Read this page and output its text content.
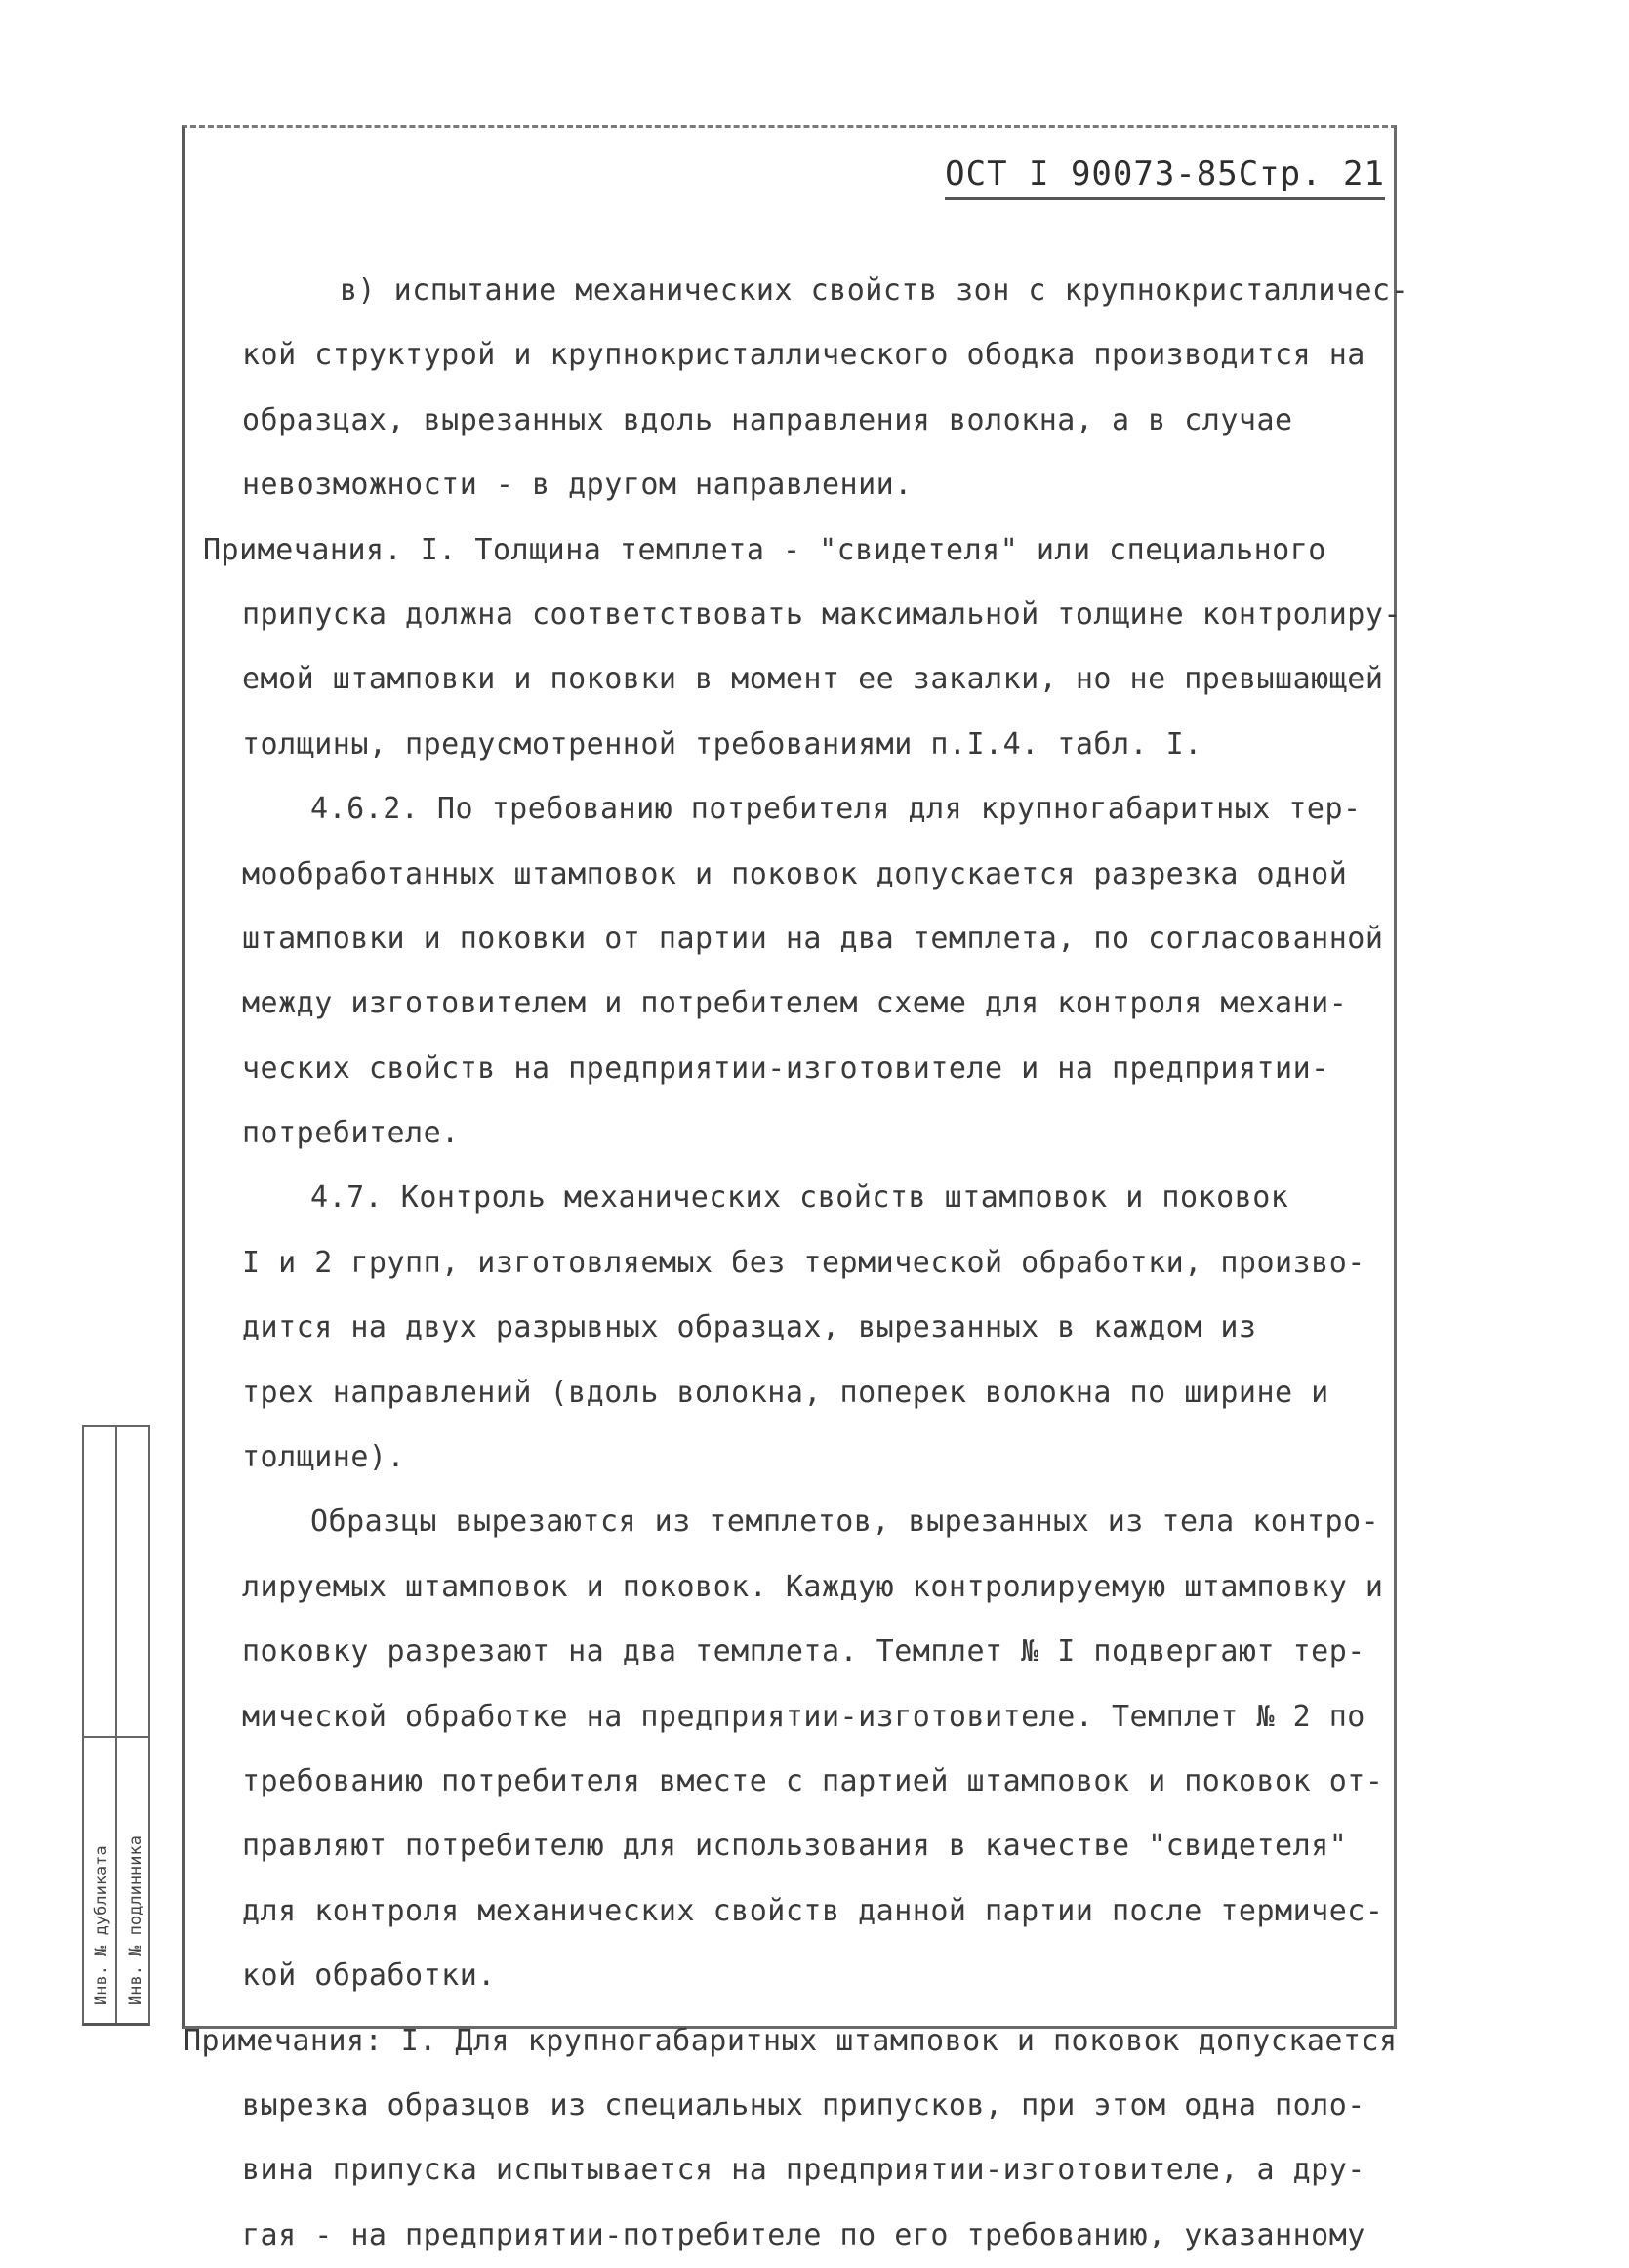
ОСТ I 90073-85Стр. 21
в) испытание механических свойств зон с крупнокристалличес-
кой структурой и крупнокристаллического ободка производится на
образцах, вырезанных вдоль направления волокна, а в случае
невозможности - в другом направлении.
Примечания. I. Толщина темплета - "свидетеля" или специального
припуска должна соответствовать максимальной толщине контролиру-
емой штамповки и поковки в момент ее закалки, но не превышающей
толщины, предусмотренной требованиями п.I.4. табл. I.
4.6.2. По требованию потребителя для крупногабаритных тер-
мообработанных штамповок и поковок допускается разрезка одной
штамповки и поковки от партии на два темплета, по согласованной
между изготовителем и потребителем схеме для контроля механи-
ческих свойств на предприятии-изготовителе и на предприятии-
потребителе.
4.7. Контроль механических свойств штамповок и поковок
I и 2 групп, изготовляемых без термической обработки, произво-
дится на двух разрывных образцах, вырезанных в каждом из
трех направлений (вдоль волокна, поперек волокна по ширине и
толщине).
Образцы вырезаются из темплетов, вырезанных из тела контро-
лируемых штамповок и поковок. Каждую контролируемую штамповку и
поковку разрезают на два темплета. Темплет № I подвергают тер-
мической обработке на предприятии-изготовителе. Темплет № 2 по
требованию потребителя вместе с партией штамповок и поковок от-
правляют потребителю для использования в качестве "свидетеля"
для контроля механических свойств данной партии после термичес-
кой обработки.
Примечания: I. Для крупногабаритных штамповок и поковок допускается
вырезка образцов из специальных припусков, при этом одна поло-
вина припуска испытывается на предприятии-изготовителе, а дру-
гая - на предприятии-потребителе по его требованию, указанному
Инв. № дубликата Инв. № подлинника
